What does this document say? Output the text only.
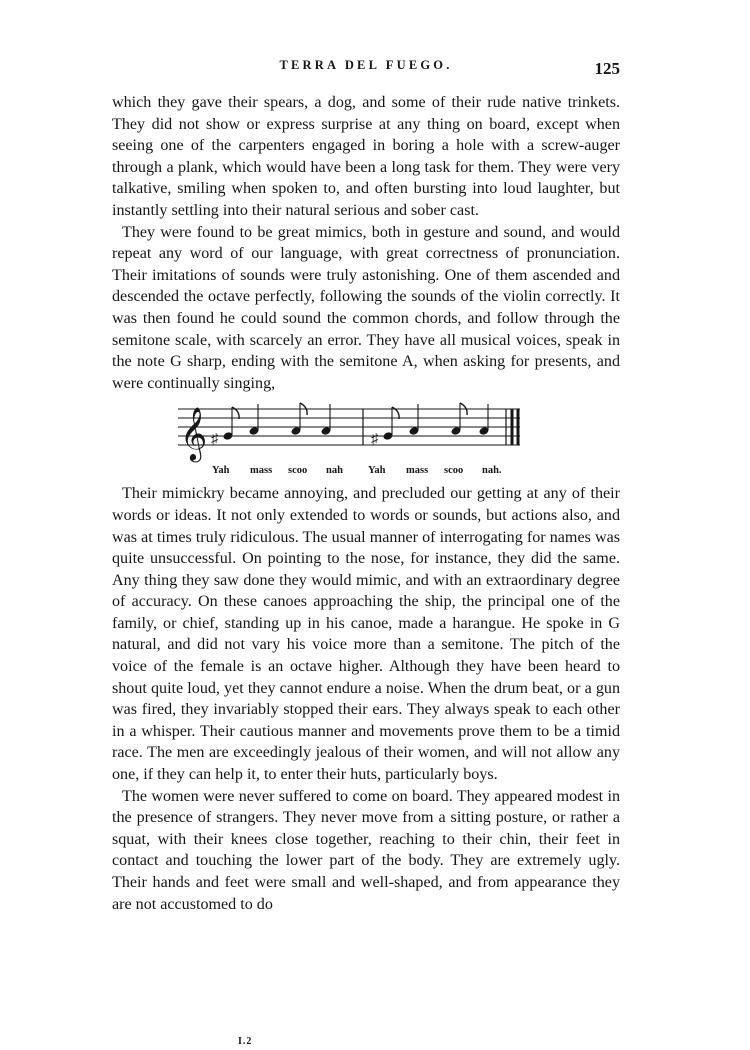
TERRA DEL FUEGO.	125

which they gave their spears, a dog, and some of their rude native trinkets. They did not show or express surprise at any thing on board, except when seeing one of the carpenters engaged in boring a hole with a screw-auger through a plank, which would have been a long task for them. They were very talkative, smiling when spoken to, and often bursting into loud laughter, but instantly settling into their natural serious and sober cast.

They were found to be great mimics, both in gesture and sound, and would repeat any word of our language, with great correctness of pronunciation. Their imitations of sounds were truly astonishing. One of them ascended and descended the octave perfectly, following the sounds of the violin correctly. It was then found he could sound the common chords, and follow through the semitone scale, with scarcely an error. They have all musical voices, speak in the note G sharp, ending with the semitone A, when asking for presents, and were continually singing,

𝄞 ♯	♯
Yah	mass	scoo	nah	Yah	mass	scoo	nah.

Their mimickry became annoying, and precluded our getting at any of their words or ideas. It not only extended to words or sounds, but actions also, and was at times truly ridiculous. The usual manner of interrogating for names was quite unsuccessful. On pointing to the nose, for instance, they did the same. Any thing they saw done they would mimic, and with an extraordinary degree of accuracy. On these canoes approaching the ship, the principal one of the family, or chief, standing up in his canoe, made a harangue. He spoke in G natural, and did not vary his voice more than a semitone. The pitch of the voice of the female is an octave higher. Although they have been heard to shout quite loud, yet they cannot endure a noise. When the drum beat, or a gun was fired, they invariably stopped their ears. They always speak to each other in a whisper. Their cautious manner and movements prove them to be a timid race. The men are exceedingly jealous of their women, and will not allow any one, if they can help it, to enter their huts, particularly boys.

The women were never suffered to come on board. They appeared modest in the presence of strangers. They never move from a sitting posture, or rather a squat, with their knees close together, reaching to their chin, their feet in contact and touching the lower part of the body. They are extremely ugly. Their hands and feet were small and well-shaped, and from appearance they are not accustomed to do

I.2
